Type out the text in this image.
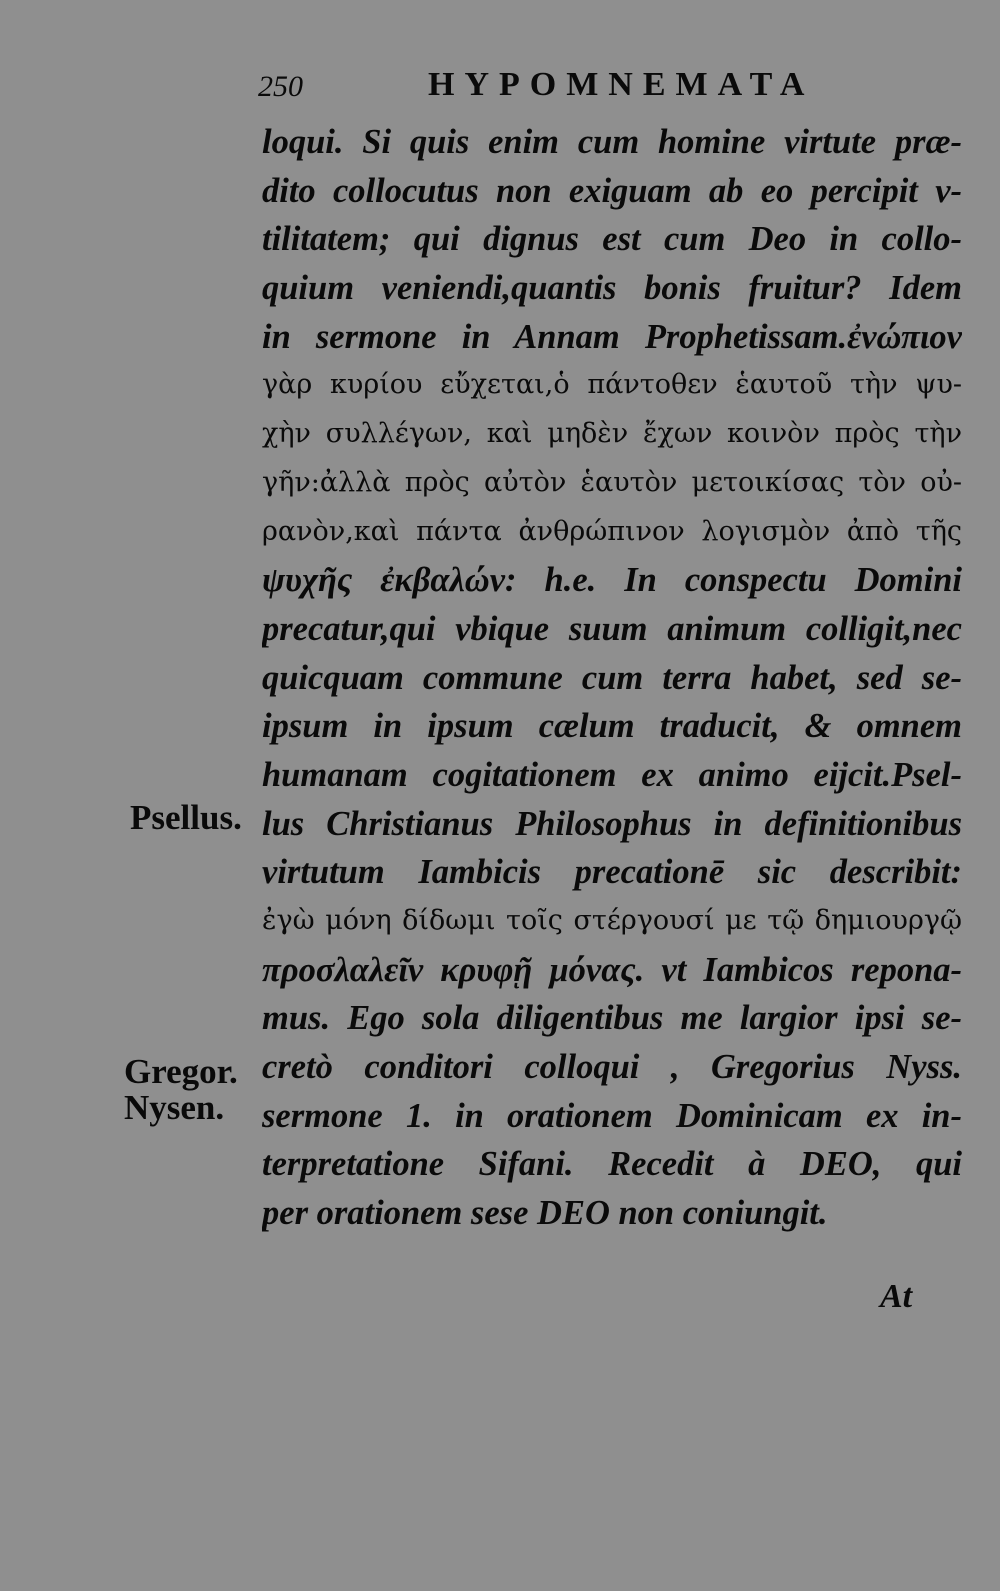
250	HYPOMNEMATA
Psellus.
Gregor.
Nysen.
loqui. Si quis enim cum homine virtute præ-
dito collocutus non exiguam ab eo percipit v-
tilitatem; qui dignus est cum Deo in collo-
quium veniendi,quantis bonis fruitur? Idem
in sermone in Annam Prophetissam.ἐνώπιον
γὰρ κυρίου εὔχεται,ὁ πάντοθεν ἑαυτοῦ τὴν ψυ-
χὴν συλλέγων, καὶ μηδὲν ἔχων κοινὸν πρὸς τὴν
γῆν:ἀλλὰ πρὸς αὐτὸν ἑαυτὸν μετοικίσας τὸν οὐ-
ρανὸν,καὶ πάντα ἀνθρώπινον λογισμὸν ἀπὸ τῆς
ψυχῆς ἐκβαλών: h.e. In conspectu Domini
precatur,qui vbique suum animum colligit,nec
quicquam commune cum terra habet, sed se-
ipsum in ipsum cælum traducit, & omnem
humanam cogitationem ex animo eijcit.Psel-
lus Christianus Philosophus in definitionibus
virtutum Iambicis precationē sic describit:
ἐγὼ μόνη δίδωμι τοῖς στέργουσί με τῷ δημιουργῷ
προσλαλεῖν κρυφῇ μόνας. vt Iambicos repona-
mus. Ego sola diligentibus me largior ipsi se-
cretò conditori colloqui , Gregorius Nyss.
sermone 1. in orationem Dominicam ex in-
terpretatione Sifani. Recedit à DEO, qui
per orationem sese DEO non coniungit.
At
